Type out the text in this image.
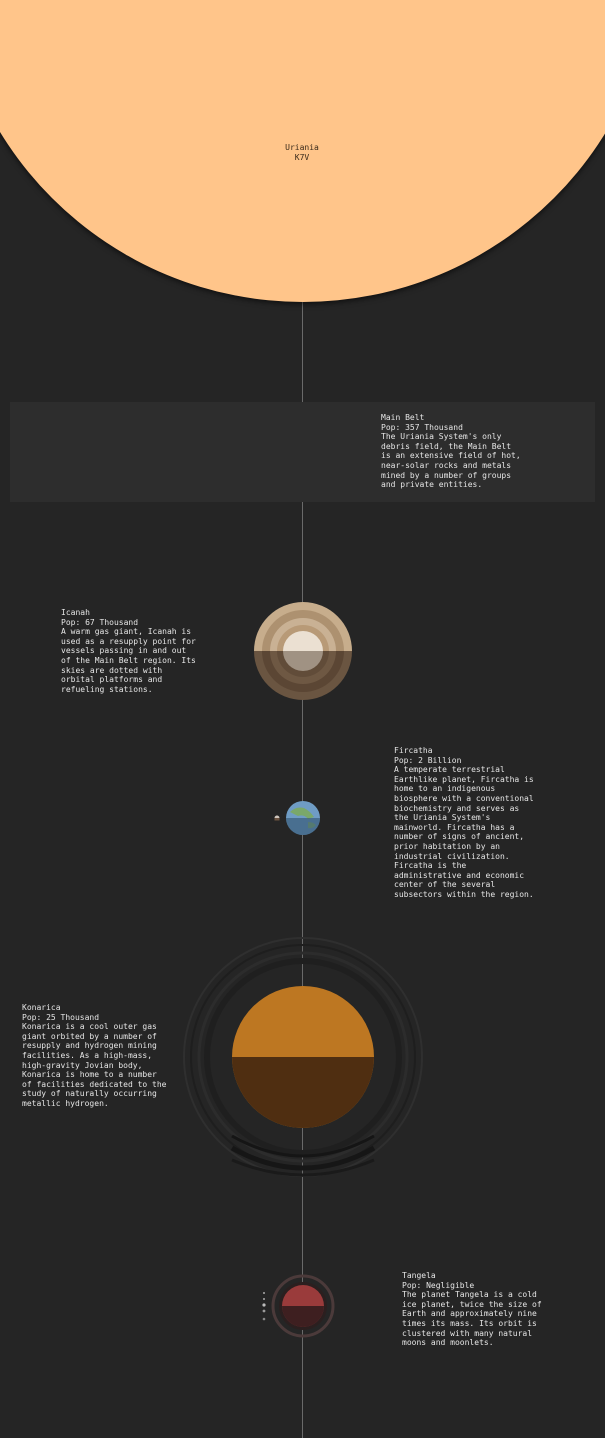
Uriania
K7V
Main Belt
Pop: 357 Thousand
The Uriania System's only debris field, the Main Belt is an extensive field of hot, near-solar rocks and metals mined by a number of groups and private entities.
Icanah
Pop: 67 Thousand
A warm gas giant, Icanah is used as a resupply point for vessels passing in and out of the Main Belt region. Its skies are dotted with orbital platforms and refueling stations.
Fircatha
Pop: 2 Billion
A temperate terrestrial Earthlike planet, Fircatha is home to an indigenous biosphere with a conventional biochemistry and serves as the Uriania System's mainworld. Fircatha has a number of signs of ancient, prior habitation by an industrial civilization. Fircatha is the administrative and economic center of the several subsectors within the region.
Konarica
Pop: 25 Thousand
Konarica is a cool outer gas giant orbited by a number of resupply and hydrogen mining facilities. As a high-mass, high-gravity Jovian body, Konarica is home to a number of facilities dedicated to the study of naturally occurring metallic hydrogen.
Tangela
Pop: Negligible
The planet Tangela is a cold ice planet, twice the size of Earth and approximately nine times its mass. Its orbit is clustered with many natural moons and moonlets.
